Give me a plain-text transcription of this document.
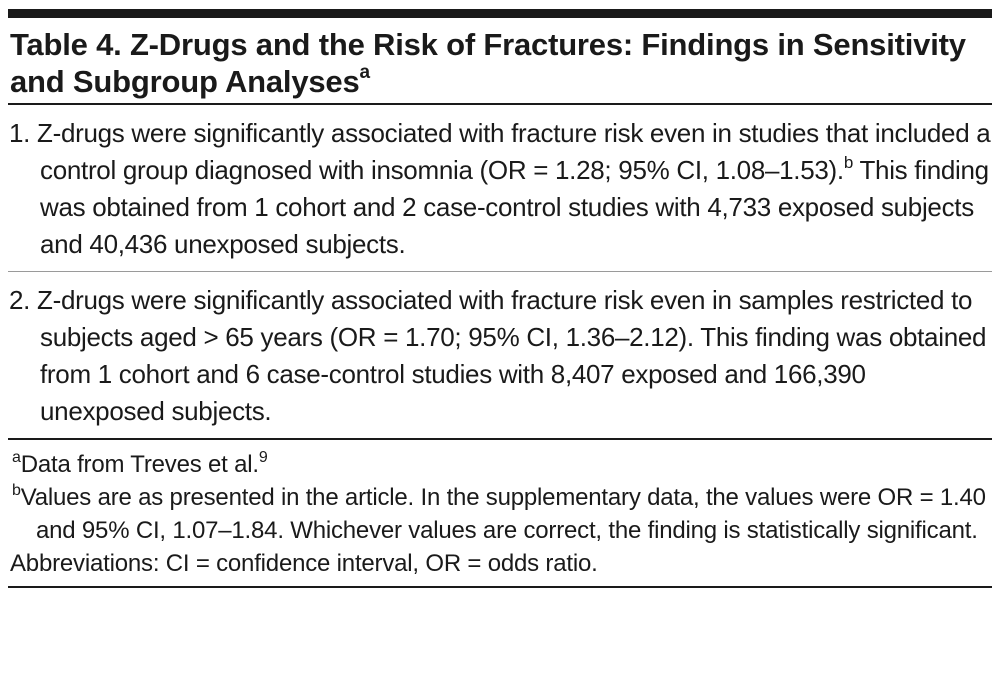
Table 4. Z-Drugs and the Risk of Fractures: Findings in Sensitivity and Subgroup Analyses$^a$
1. Z-drugs were significantly associated with fracture risk even in studies that included a control group diagnosed with insomnia (OR = 1.28; 95% CI, 1.08–1.53).$^b$ This finding was obtained from 1 cohort and 2 case-control studies with 4,733 exposed subjects and 40,436 unexposed subjects.
2. Z-drugs were significantly associated with fracture risk even in samples restricted to subjects aged > 65 years (OR = 1.70; 95% CI, 1.36–2.12). This finding was obtained from 1 cohort and 6 case-control studies with 8,407 exposed and 166,390 unexposed subjects.
$^a$Data from Treves et al.$^9$
$^b$Values are as presented in the article. In the supplementary data, the values were OR = 1.40 and 95% CI, 1.07–1.84. Whichever values are correct, the finding is statistically significant.
Abbreviations: CI = confidence interval, OR = odds ratio.
